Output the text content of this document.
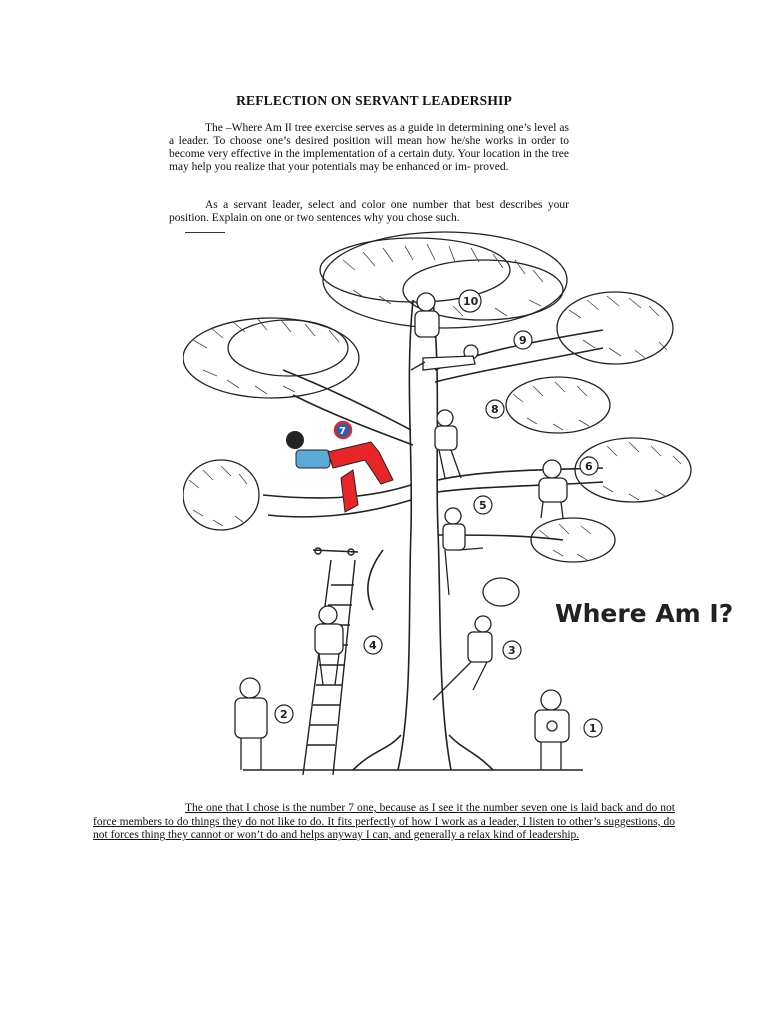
REFLECTION ON SERVANT LEADERSHIP
The –Where Am I‖ tree exercise serves as a guide in determining one’s level as a leader. To choose one’s desired position will mean how he/she works in order to become very effective in the implementation of a certain duty. Your location in the tree may help you realize that your potentials may be enhanced or im- proved.
As a servant leader, select and color one number that best describes your position. Explain on one or two sentences why you chose such.
7
1
2
3
4
5
6
8
9
10
Where Am I?
The one that I chose is the number 7 one, because as I see it the number seven one is laid back and do not force members to do things they do not like to do. It fits perfectly of how I work as a leader, I listen to other’s suggestions, do not forces thing they cannot or won’t do and helps anyway I can, and generally a relax kind of leadership.
